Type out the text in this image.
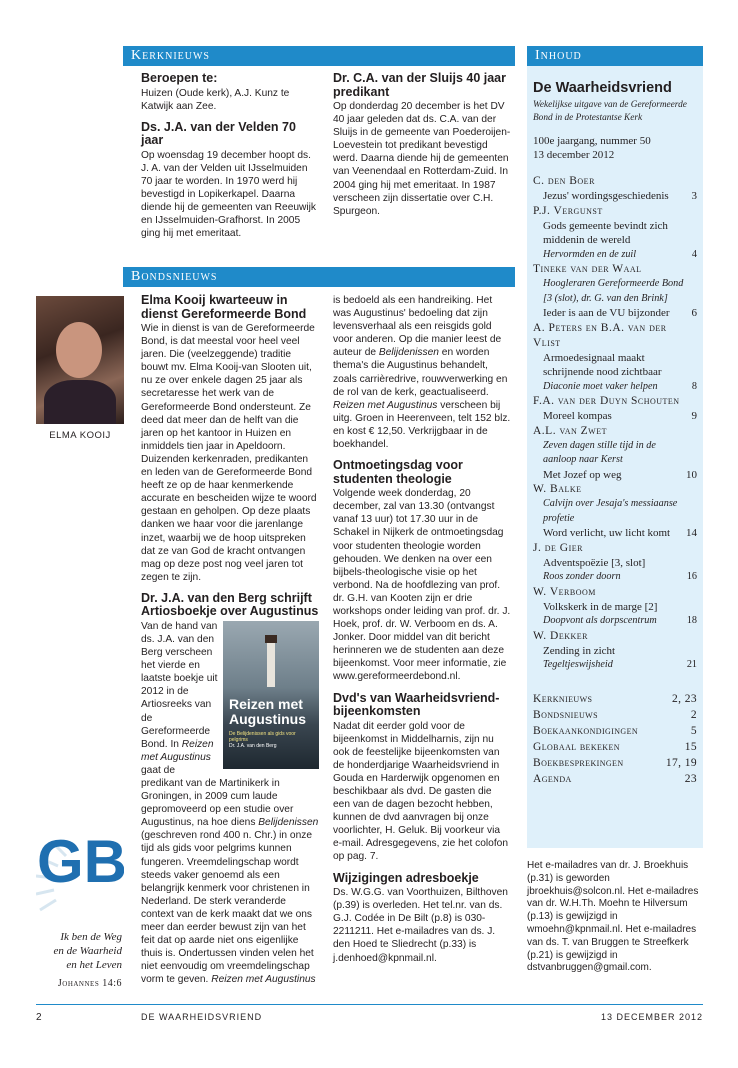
Kerknieuws
Beroepen te:

Huizen (Oude kerk), A.J. Kunz te Katwijk aan Zee.

Ds. J.A. van der Velden 70 jaar

Op woensdag 19 december hoopt ds. J. A. van der Velden uit IJsselmuiden 70 jaar te worden. In 1970 werd hij bevestigd in Lopikerkapel. Daarna diende hij de gemeenten van Reeuwijk en IJsselmuiden-Grafhorst. In 2005 ging hij met emeritaat.

Dr. C.A. van der Sluijs 40 jaar predikant

Op donderdag 20 december is het DV 40 jaar geleden dat ds. C.A. van der Sluijs in de gemeente van Poederoijen-Loevestein tot predikant bevestigd werd. Daarna diende hij de gemeenten van Veenendaal en Rotterdam-Zuid. In 2004 ging hij met emeritaat. In 1987 verscheen zijn dissertatie over C.H. Spurgeon.

Bondsnieuws
ELMA KOOIJ
Elma Kooij kwarteeuw in dienst Gereformeerde Bond

Wie in dienst is van de Gereformeerde Bond, is dat meestal voor heel veel jaren. Die (veelzeggende) traditie bouwt mv. Elma Kooij-van Slooten uit, nu ze over enkele dagen 25 jaar als secretaresse het werk van de Gereformeerde Bond ondersteunt. Ze deed dat meer dan de helft van die jaren op het kantoor in Huizen en inmiddels tien jaar in Apeldoorn. Duizenden kerkenraden, predikanten en leden van de Gereformeerde Bond heeft ze op de haar kenmerkende accurate en bescheiden wijze te woord gestaan en geholpen. Op deze plaats danken we haar voor die jarenlange inzet, waarbij we de hoop uitspreken dat ze van God de kracht ontvangen mag op deze post nog veel jaren tot zegen te zijn.

Dr. J.A. van den Berg schrijft Artiosboekje over Augustinus

Reizen met Augustinus
De Belijdenissen als gids voor pelgrims
Dr. J.A. van den Berg
Van de hand van ds. J.A. van den Berg verscheen het vierde en laatste boekje uit 2012 in de Artiosreeks van de Gereformeerde Bond. In Reizen met Augustinus gaat de predikant van de Martinikerk in Groningen, in 2009 cum laude gepromoveerd op een studie over Augustinus, na hoe diens Belijdenissen (geschreven rond 400 n. Chr.) in onze tijd als gids voor pelgrims kunnen fungeren. Vreemdelingschap wordt steeds vaker genoemd als een belangrijk kenmerk voor christenen in Nederland. De sterk veranderde context van de kerk maakt dat we ons meer dan eerder bewust zijn van het feit dat op aarde niet ons eigenlijke thuis is. Ondertussen vinden velen het niet eenvoudig om vreemdelingschap vorm te geven. Reizen met Augustinus

is bedoeld als een handreiking. Het was Augustinus' bedoeling dat zijn levensverhaal als een reisgids gold voor anderen. Op die manier leest de auteur de Belijdenissen en worden thema's die Augustinus behandelt, zoals carrièredrive, rouwverwerking en de rol van de kerk, geactualiseerd. Reizen met Augustinus verscheen bij uitg. Groen in Heerenveen, telt 152 blz. en kost € 12,50. Verkrijgbaar in de boekhandel.

Ontmoetingsdag voor studenten theologie

Volgende week donderdag, 20 december, zal van 13.30 (ontvangst vanaf 13 uur) tot 17.30 uur in de Schakel in Nijkerk de ontmoetingsdag voor studenten theologie worden gehouden. We denken na over een bijbels-theologische visie op het verbond. Na de hoofdlezing van prof. dr. G.H. van Kooten zijn er drie workshops onder leiding van prof. dr. J. Hoek, prof. dr. W. Verboom en ds. A. Jonker. Door middel van dit bericht herinneren we de studenten aan deze bijeenkomst. Voor meer informatie, zie www.gereformeerdebond.nl.

Dvd's van Waarheidsvriend-bijeenkomsten

Nadat dit eerder gold voor de bijeenkomst in Middelharnis, zijn nu ook de feestelijke bijeenkomsten van de honderdjarige Waarheidsvriend in Gouda en Harderwijk opgenomen en beschikbaar als dvd. De gasten die een van de dagen bezocht hebben, kunnen de dvd aanvragen bij onze voorlichter, H. Geluk. Bij voorkeur via e-mail. Adresgegevens, zie het colofon op pag. 7.

Wijzigingen adresboekje

Ds. W.G.G. van Voorthuizen, Bilthoven (p.39) is overleden. Het tel.nr. van ds. G.J. Codée in De Bilt (p.8) is 030-2211211. Het e-mailadres van ds. J. den Hoed te Sliedrecht (p.33) is j.denhoed@kpnmail.nl.

GB
Ik ben de Weg
en de Waarheid
en het Leven
Johannes 14:6
Inhoud
De Waarheidsvriend
Wekelijkse uitgave van de Gereformeerde Bond in de Protestantse Kerk
100e jaargang, nummer 50
13 december 2012
C. den Boer
Jezus' wordingsgeschiedenis	3
P.J. Vergunst
Gods gemeente bevindt zich middenin de wereld
Hervormden en de zuil	4
Tineke van der Waal
Hoogleraren Gereformeerde Bond [3 (slot), dr. G. van den Brink]
Ieder is aan de VU bijzonder	6
A. Peters en B.A. van der Vlist
Armoedesignaal maakt schrijnende nood zichtbaar
Diaconie moet vaker helpen	8
F.A. van der Duyn Schouten
Moreel kompas	9
A.L. van Zwet
Zeven dagen stille tijd in de aanloop naar Kerst
Met Jozef op weg	10
W. Balke
Calvijn over Jesaja's messiaanse profetie
Word verlicht, uw licht komt	14
J. de Gier
Adventspoëzie [3, slot]
Roos zonder doorn	16
W. Verboom
Volkskerk in de marge [2]
Doopvont als dorpscentrum	18
W. Dekker
Zending in zicht
Tegeltjeswijsheid	21
Kerknieuws	2, 23
Bondsnieuws	2
Boekaankondigingen	5
Globaal bekeken	15
Boekbesprekingen	17, 19
Agenda	23
Het e-mailadres van dr. J. Broekhuis (p.31) is geworden jbroekhuis@solcon.nl. Het e-mailadres van dr. W.H.Th. Moehn te Hilversum (p.13) is gewijzigd in wmoehn@kpnmail.nl. Het e-mailadres van ds. T. van Bruggen te Streefkerk (p.21) is gewijzigd in dstvanbruggen@gmail.com.
2	DE WAARHEIDSVRIEND	13 DECEMBER 2012
